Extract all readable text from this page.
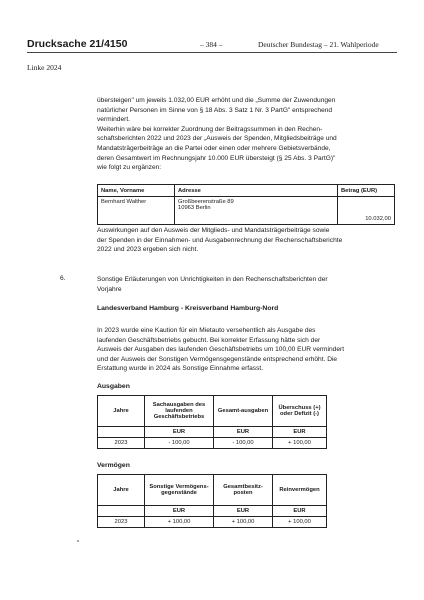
Drucksache 21/4150	– 384 –	Deutscher Bundestag – 21. Wahlperiode
Linke 2024

übersteigen" um jeweils 1.032,00 EUR erhöht und die „Summe der Zuwendungen

natürlicher Personen im Sinne von § 18 Abs. 3 Satz 1 Nr. 3 PartG" entsprechend

vermindert.

Weiterhin wäre bei korrekter Zuordnung der Beitragssummen in den Rechen-

schaftsberichten 2022 und 2023 der „Ausweis der Spenden, Mitgliedsbeiträge und

Mandatsträgerbeiträge an die Partei oder einen oder mehrere Gebietsverbände,

deren Gesamtwert im Rechnungsjahr 10.000 EUR übersteigt (§ 25 Abs. 3 PartG)"

wie folgt zu ergänzen:

Name, Vorname	Adresse	Betrag (EUR)
Bernhard Walther	Großbeerenstraße 89
10963 Berlin	10.032,00

Auswirkungen auf den Ausweis der Mitglieds- und Mandatsträgerbeiträge sowie

der Spenden in der Einnahmen- und Ausgabenrechnung der Rechenschaftsberichte

2022 und 2023 ergeben sich nicht.

6.	Sonstige Erläuterungen von Unrichtigkeiten in den Rechenschaftsberichten der
Vorjahre
Landesverband Hamburg - Kreisverband Hamburg-Nord

In 2023 wurde eine Kaution für ein Mietauto versehentlich als Ausgabe des

laufenden Geschäftsbetriebs gebucht. Bei korrekter Erfassung hätte sich der

Ausweis der Ausgaben des laufenden Geschäftsbetriebs um 100,00 EUR vermindert

und der Ausweis der Sonstigen Vermögensgegenstände entsprechend erhöht. Die

Erstattung wurde in 2024 als Sonstige Einnahme erfasst.

Ausgaben
Jahre	Sachausgaben des laufenden Geschäftsbetriebs	Gesamt-ausgaben	Überschuss (+) oder Defizit (-)
	EUR	EUR	EUR
2023	- 100,00	- 100,00	+ 100,00
Vermögen
Jahre	Sonstige Vermögens-gegenstände	Gesamtbesitz-posten	Reinvermögen
	EUR	EUR	EUR
2023	+ 100,00	+ 100,00	+ 100,00
